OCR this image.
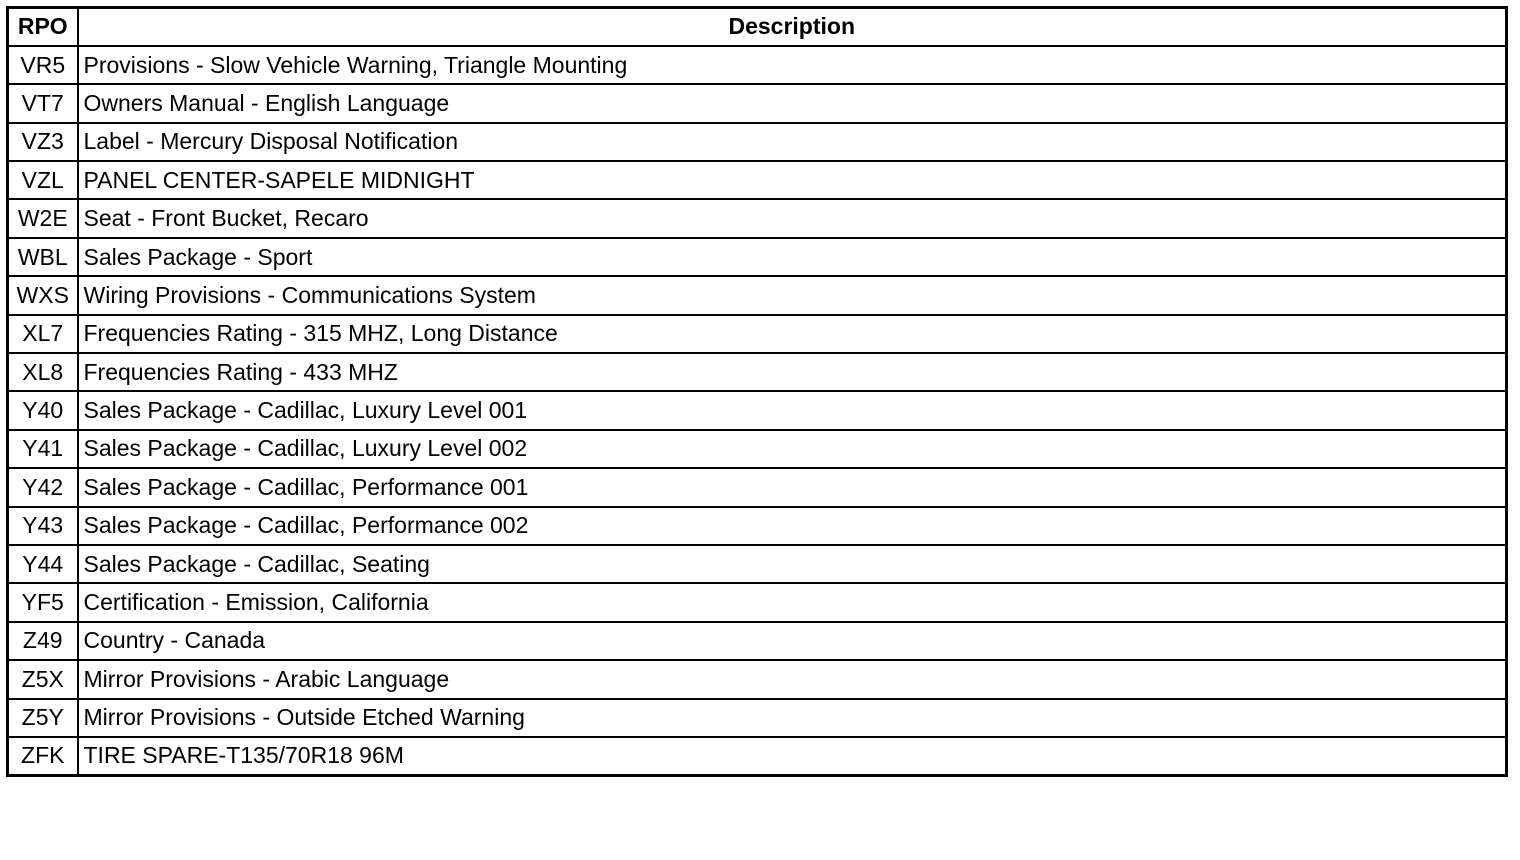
RPO	Description
VR5	Provisions - Slow Vehicle Warning, Triangle Mounting
VT7	Owners Manual - English Language
VZ3	Label - Mercury Disposal Notification
VZL	PANEL CENTER-SAPELE MIDNIGHT
W2E	Seat - Front Bucket, Recaro
WBL	Sales Package - Sport
WXS	Wiring Provisions - Communications System
XL7	Frequencies Rating - 315 MHZ, Long Distance
XL8	Frequencies Rating - 433 MHZ
Y40	Sales Package - Cadillac, Luxury Level 001
Y41	Sales Package - Cadillac, Luxury Level 002
Y42	Sales Package - Cadillac, Performance 001
Y43	Sales Package - Cadillac, Performance 002
Y44	Sales Package - Cadillac, Seating
YF5	Certification - Emission, California
Z49	Country - Canada
Z5X	Mirror Provisions - Arabic Language
Z5Y	Mirror Provisions - Outside Etched Warning
ZFK	TIRE SPARE-T135/70R18 96M
